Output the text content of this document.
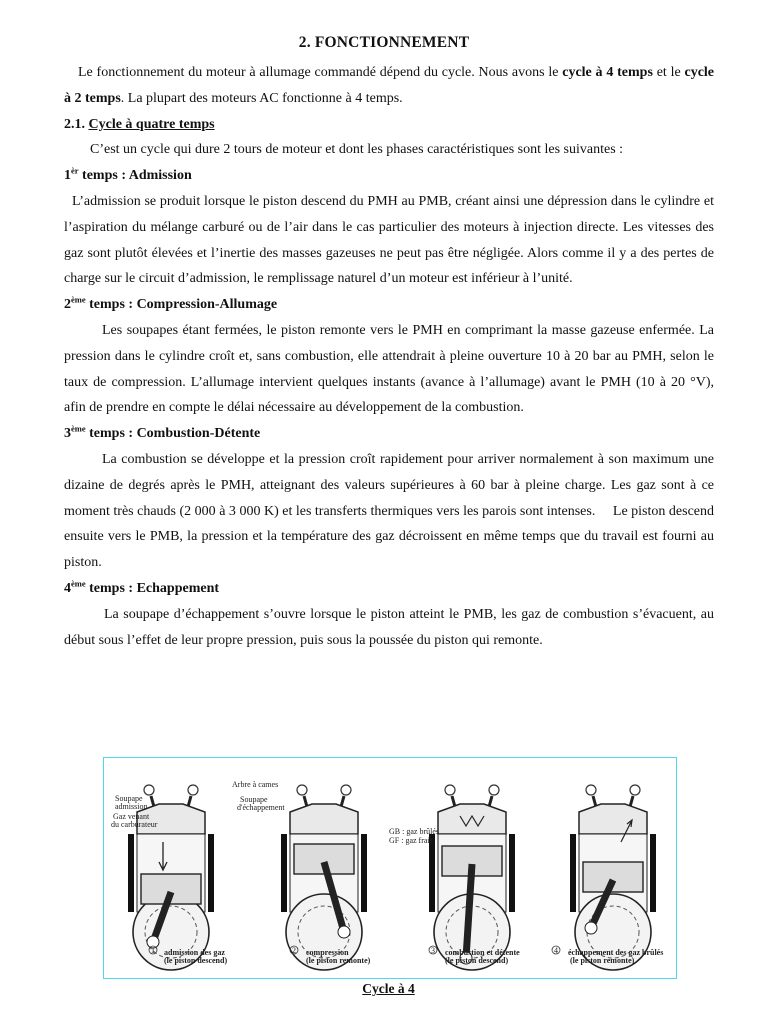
2. FONCTIONNEMENT

Le fonctionnement du moteur à allumage commandé dépend du cycle. Nous avons le cycle à 4 temps et le cycle à 2 temps. La plupart des moteurs AC fonctionne à 4 temps.

2.1. Cycle à quatre temps

C’est un cycle qui dure 2 tours de moteur et dont les phases caractéristiques sont les suivantes :

$1^{èr}$ temps : Admission

L’admission se produit lorsque le piston descend du PMH au PMB, créant ainsi une dépression dans le cylindre et l’aspiration du mélange carburé ou de l’air dans le cas particulier des moteurs à injection directe. Les vitesses des gaz sont plutôt élevées et l’inertie des masses gazeuses ne peut pas être négligée. Alors comme il y a des pertes de charge sur le circuit d’admission, le remplissage naturel d’un moteur est inférieur à l’unité.

2ème temps : Compression-Allumage

Les soupapes étant fermées, le piston remonte vers le PMH en comprimant la masse gazeuse enfermée. La pression dans le cylindre croît et, sans combustion, elle attendrait à pleine ouverture 10 à 20 bar au PMH, selon le taux de compression. L’allumage intervient quelques instants (avance à l’allumage) avant le PMH (10 à 20 °V), afin de prendre en compte le délai nécessaire au développement de la combustion.

3ème temps : Combustion-Détente

La combustion se développe et la pression croît rapidement pour arriver normalement à son maximum une dizaine de degrés après le PMH, atteignant des valeurs supérieures à 60 bar à pleine charge. Les gaz sont à ce moment très chauds (2 000 à 3 000 K) et les transferts thermiques vers les parois sont intenses.     Le piston descend ensuite vers le PMB, la pression et la température des gaz décroissent en même temps que du travail est fourni au piston.

4ème temps : Echappement

La soupape d’échappement s’ouvre lorsque le piston atteint le PMB, les gaz de combustion s’évacuent, au début sous l’effet de leur propre pression, puis sous la poussée du piston qui remonte.

Arbre à cames
Soupape
admission
Gaz venant
du carburateur
Soupape
d'échappement
GB : gaz brûlés
GF : gaz frais
1 admission des gaz
(le piston descend)
2 compression
(le piston remonte)
3 combustion et détente
(le piston descend)
4 échappement des gaz brûlés
(le piston remonte)
Cycle à 4
